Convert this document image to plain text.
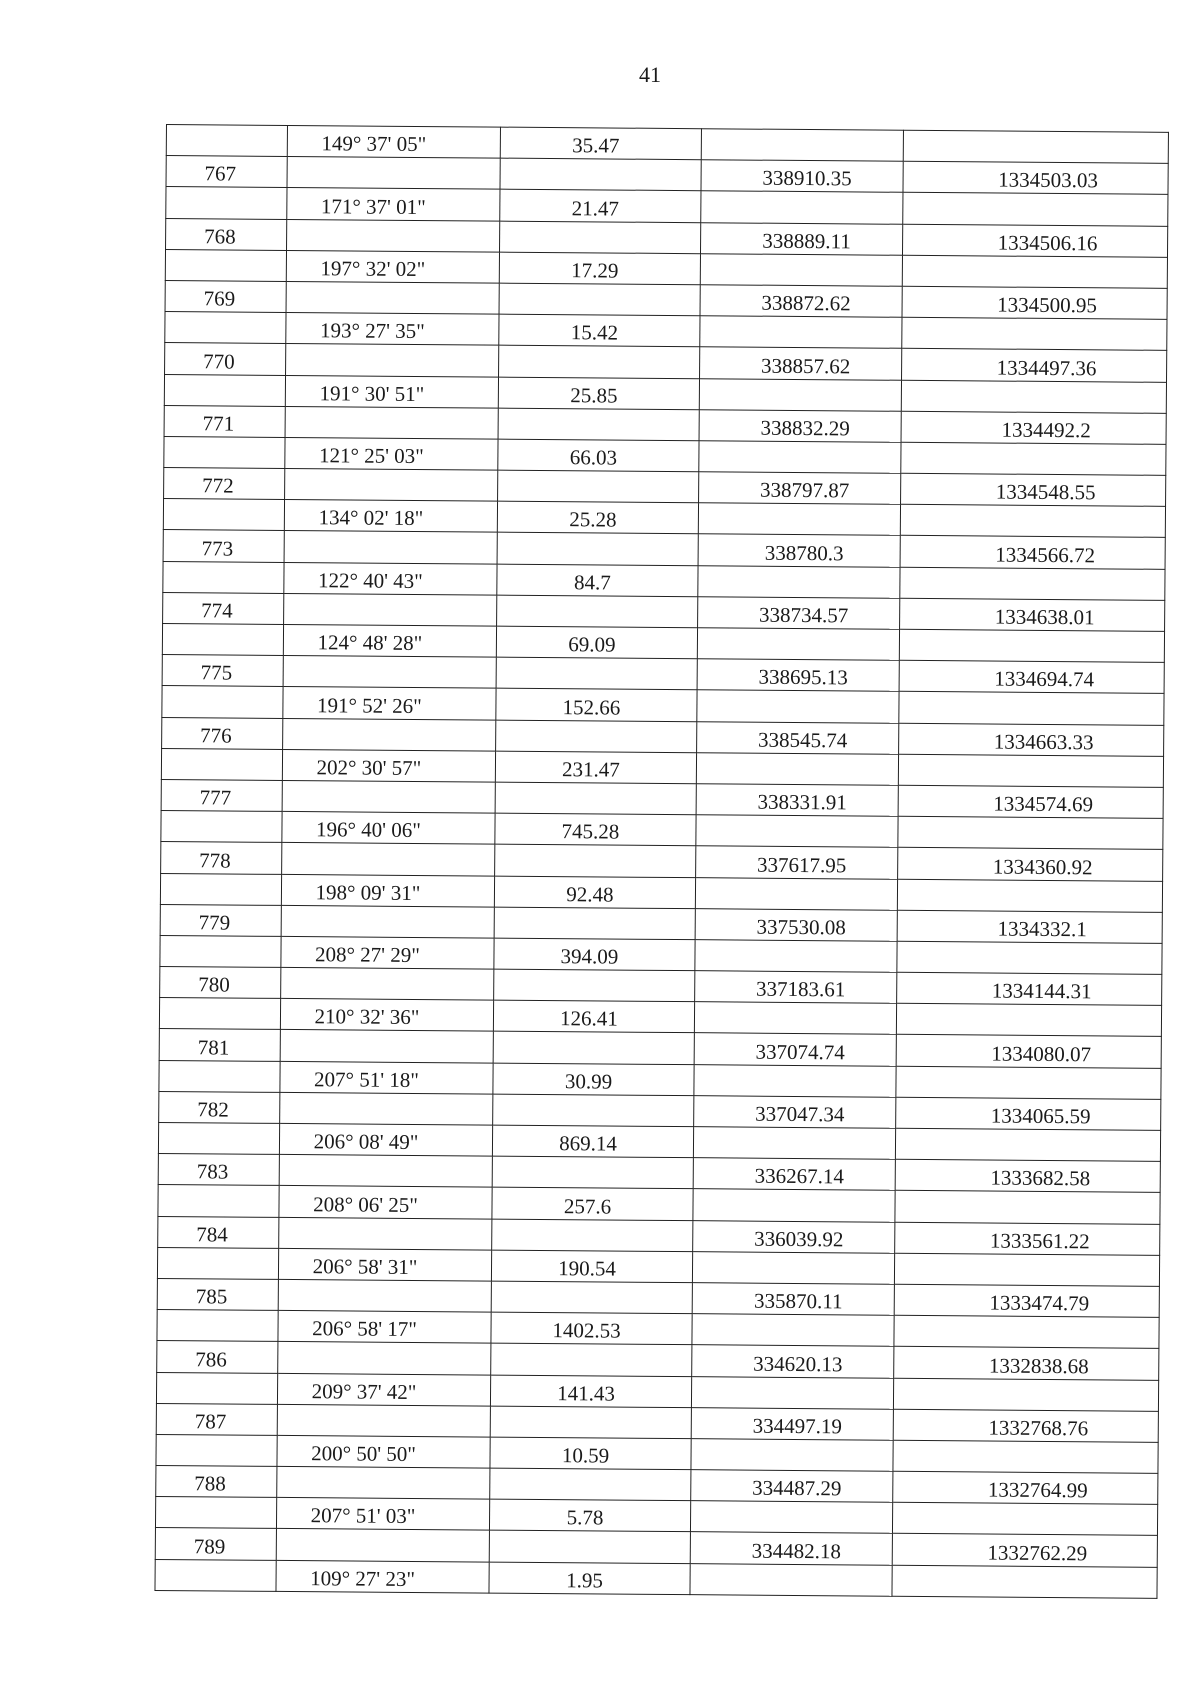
41
	149° 37' 05"	35.47		
767			338910.35	1334503.03
	171° 37' 01"	21.47		
768			338889.11	1334506.16
	197° 32' 02"	17.29		
769			338872.62	1334500.95
	193° 27' 35"	15.42		
770			338857.62	1334497.36
	191° 30' 51"	25.85		
771			338832.29	1334492.2
	121° 25' 03"	66.03		
772			338797.87	1334548.55
	134° 02' 18"	25.28		
773			338780.3	1334566.72
	122° 40' 43"	84.7		
774			338734.57	1334638.01
	124° 48' 28"	69.09		
775			338695.13	1334694.74
	191° 52' 26"	152.66		
776			338545.74	1334663.33
	202° 30' 57"	231.47		
777			338331.91	1334574.69
	196° 40' 06"	745.28		
778			337617.95	1334360.92
	198° 09' 31"	92.48		
779			337530.08	1334332.1
	208° 27' 29"	394.09		
780			337183.61	1334144.31
	210° 32' 36"	126.41		
781			337074.74	1334080.07
	207° 51' 18"	30.99		
782			337047.34	1334065.59
	206° 08' 49"	869.14		
783			336267.14	1333682.58
	208° 06' 25"	257.6		
784			336039.92	1333561.22
	206° 58' 31"	190.54		
785			335870.11	1333474.79
	206° 58' 17"	1402.53		
786			334620.13	1332838.68
	209° 37' 42"	141.43		
787			334497.19	1332768.76
	200° 50' 50"	10.59		
788			334487.29	1332764.99
	207° 51' 03"	5.78		
789			334482.18	1332762.29
	109° 27' 23"	1.95		
